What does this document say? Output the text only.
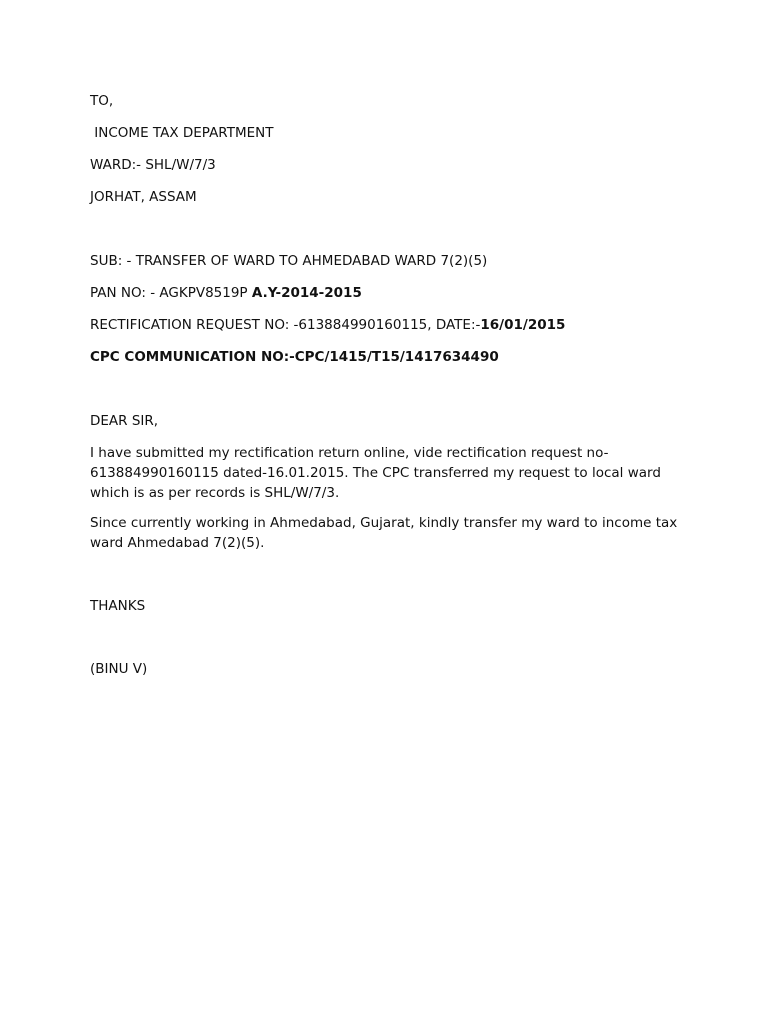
TO,
INCOME TAX DEPARTMENT
WARD:- SHL/W/7/3
JORHAT, ASSAM
SUB: - TRANSFER OF WARD TO AHMEDABAD WARD 7(2)(5)
PAN NO: - AGKPV8519P A.Y-2014-2015
RECTIFICATION REQUEST NO: -613884990160115, DATE:-16/01/2015
CPC COMMUNICATION NO:-CPC/1415/T15/1417634490
DEAR SIR,
I have submitted my rectification return online, vide rectification request no-613884990160115 dated-16.01.2015. The CPC transferred my request to local ward which is as per records is SHL/W/7/3.
Since currently working in Ahmedabad, Gujarat, kindly transfer my ward to income tax ward Ahmedabad 7(2)(5).
THANKS
(BINU V)
